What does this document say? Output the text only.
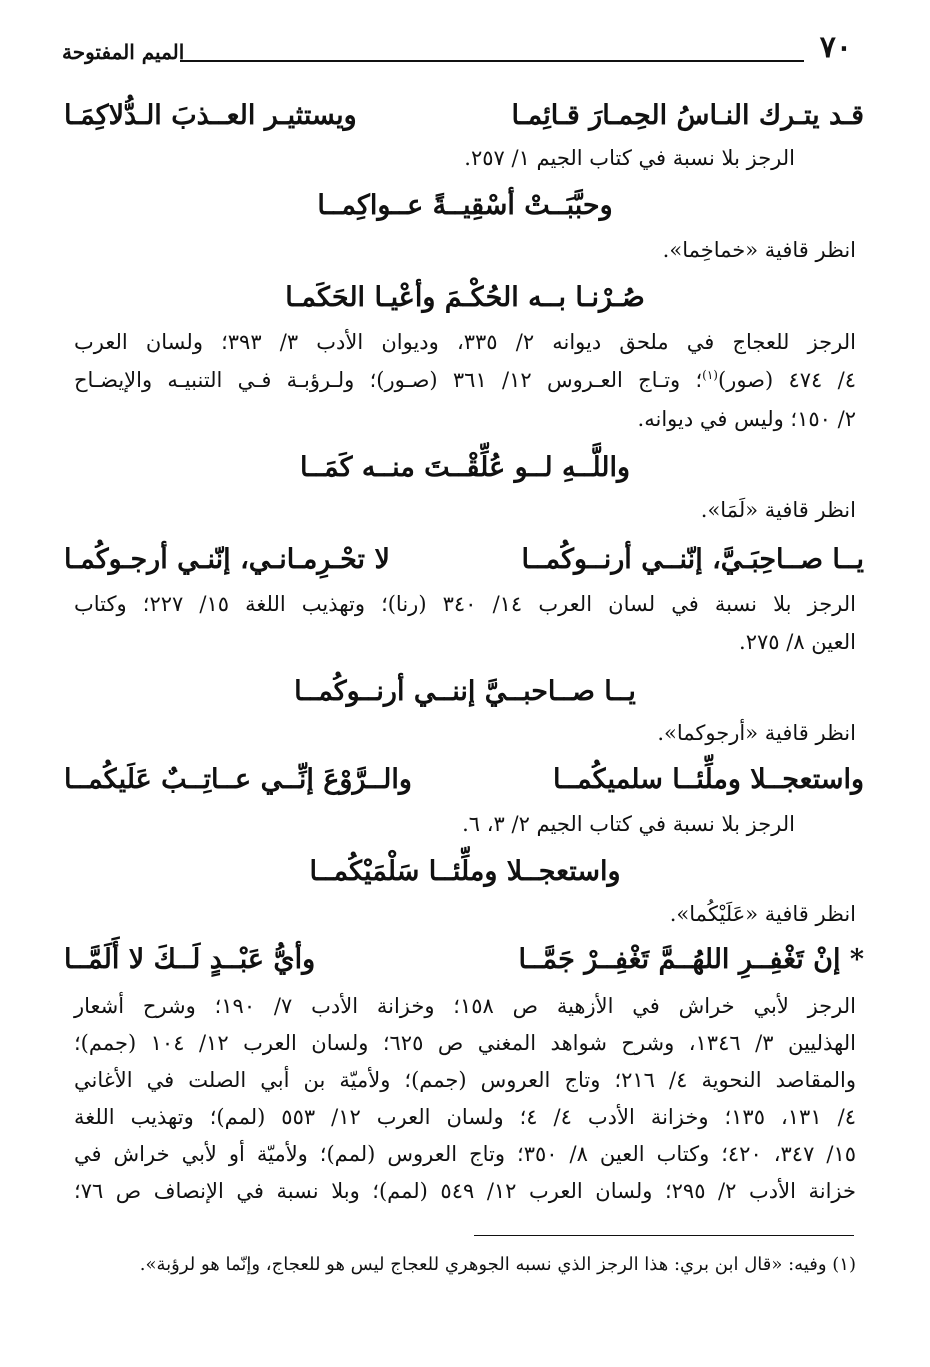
٧٠
الميم المفتوحة
قـد يتـرك النـاسُ الحِمـارَ قـائِمـا
ويستثيـر العــذبَ الـدُّلاكِمَـا
الرجز بلا نسبة في كتاب الجيم ١/ ٢٥٧.
وحبَّبَــتْ أسْقِيــةً عــواكِمــا
انظر قافية «خماخِما».
صُـرْنـا بــه الحُكْـمَ وأعْيـا الحَكَمـا
الرجز للعجاج في ملحق ديوانه ٢/ ٣٣٥، وديوان الأدب ٣/ ٣٩٣؛ ولسان العرب
٤/ ٤٧٤ (صور)$^{(١)}$؛ وتـاج العـروس ١٢/ ٣٦١ (صـور)؛ ولـرؤبـة فـي التنبيـه والإيضـاح
٢/ ١٥٠؛ وليس في ديوانه.
واللَّــهِ لــو عُلِّقْــتَ منــه كَمَــا
انظر قافية «لَمَا».
يــا صــاحِبَـيَّ، إنّنــي أرنــوكُمــا
لا تحْـرِمـانـي، إنّنـي أرجـوكُمـا
الرجز بلا نسبة في لسان العرب ١٤/ ٣٤٠ (رنا)؛ وتهذيب اللغة ١٥/ ٢٢٧؛ وكتاب
العين ٨/ ٢٧٥.
يــا صــاحبــيَّ إننــي أرنــوكُمــا
انظر قافية «أرجوكما».
واستعجــلا وملِّئــا سلميكُمــا
والــرَّوْعَ إنِّــي عــاتِــبٌ عَلَيكُمــا
الرجز بلا نسبة في كتاب الجيم ٢/ ٣، ٦.
واستعجــلا وملِّئــا سَلْمَيْكُمــا
انظر قافية «عَلَيْكُما».
* إنْ تَغْفِــرِ اللهُــمَّ تَغْفِــرْ جَمَّــا
وأيُّ عَبْــدٍ لَــكَ لا أَلَمَّــا
الرجز لأبي خراش في الأزهية ص ١٥٨؛ وخزانة الأدب ٧/ ١٩٠؛ وشرح أشعار
الهذليين ٣/ ١٣٤٦، وشرح شواهد المغني ص ٦٢٥؛ ولسان العرب ١٢/ ١٠٤ (جمم)؛
والمقاصد النحوية ٤/ ٢١٦؛ وتاج العروس (جمم)؛ ولأميّة بن أبي الصلت في الأغاني
٤/ ١٣١، ١٣٥؛ وخزانة الأدب ٤/ ٤؛ ولسان العرب ١٢/ ٥٥٣ (لمم)؛ وتهذيب اللغة
١٥/ ٣٤٧، ٤٢٠؛ وكتاب العين ٨/ ٣٥٠؛ وتاج العروس (لمم)؛ ولأميّة أو لأبي خراش في
خزانة الأدب ٢/ ٢٩٥؛ ولسان العرب ١٢/ ٥٤٩ (لمم)؛ وبلا نسبة في الإنصاف ص ٧٦؛
(١) وفيه: «قال ابن بري: هذا الرجز الذي نسبه الجوهري للعجاج ليس هو للعجاج، وإنّما هو لرؤبة».
